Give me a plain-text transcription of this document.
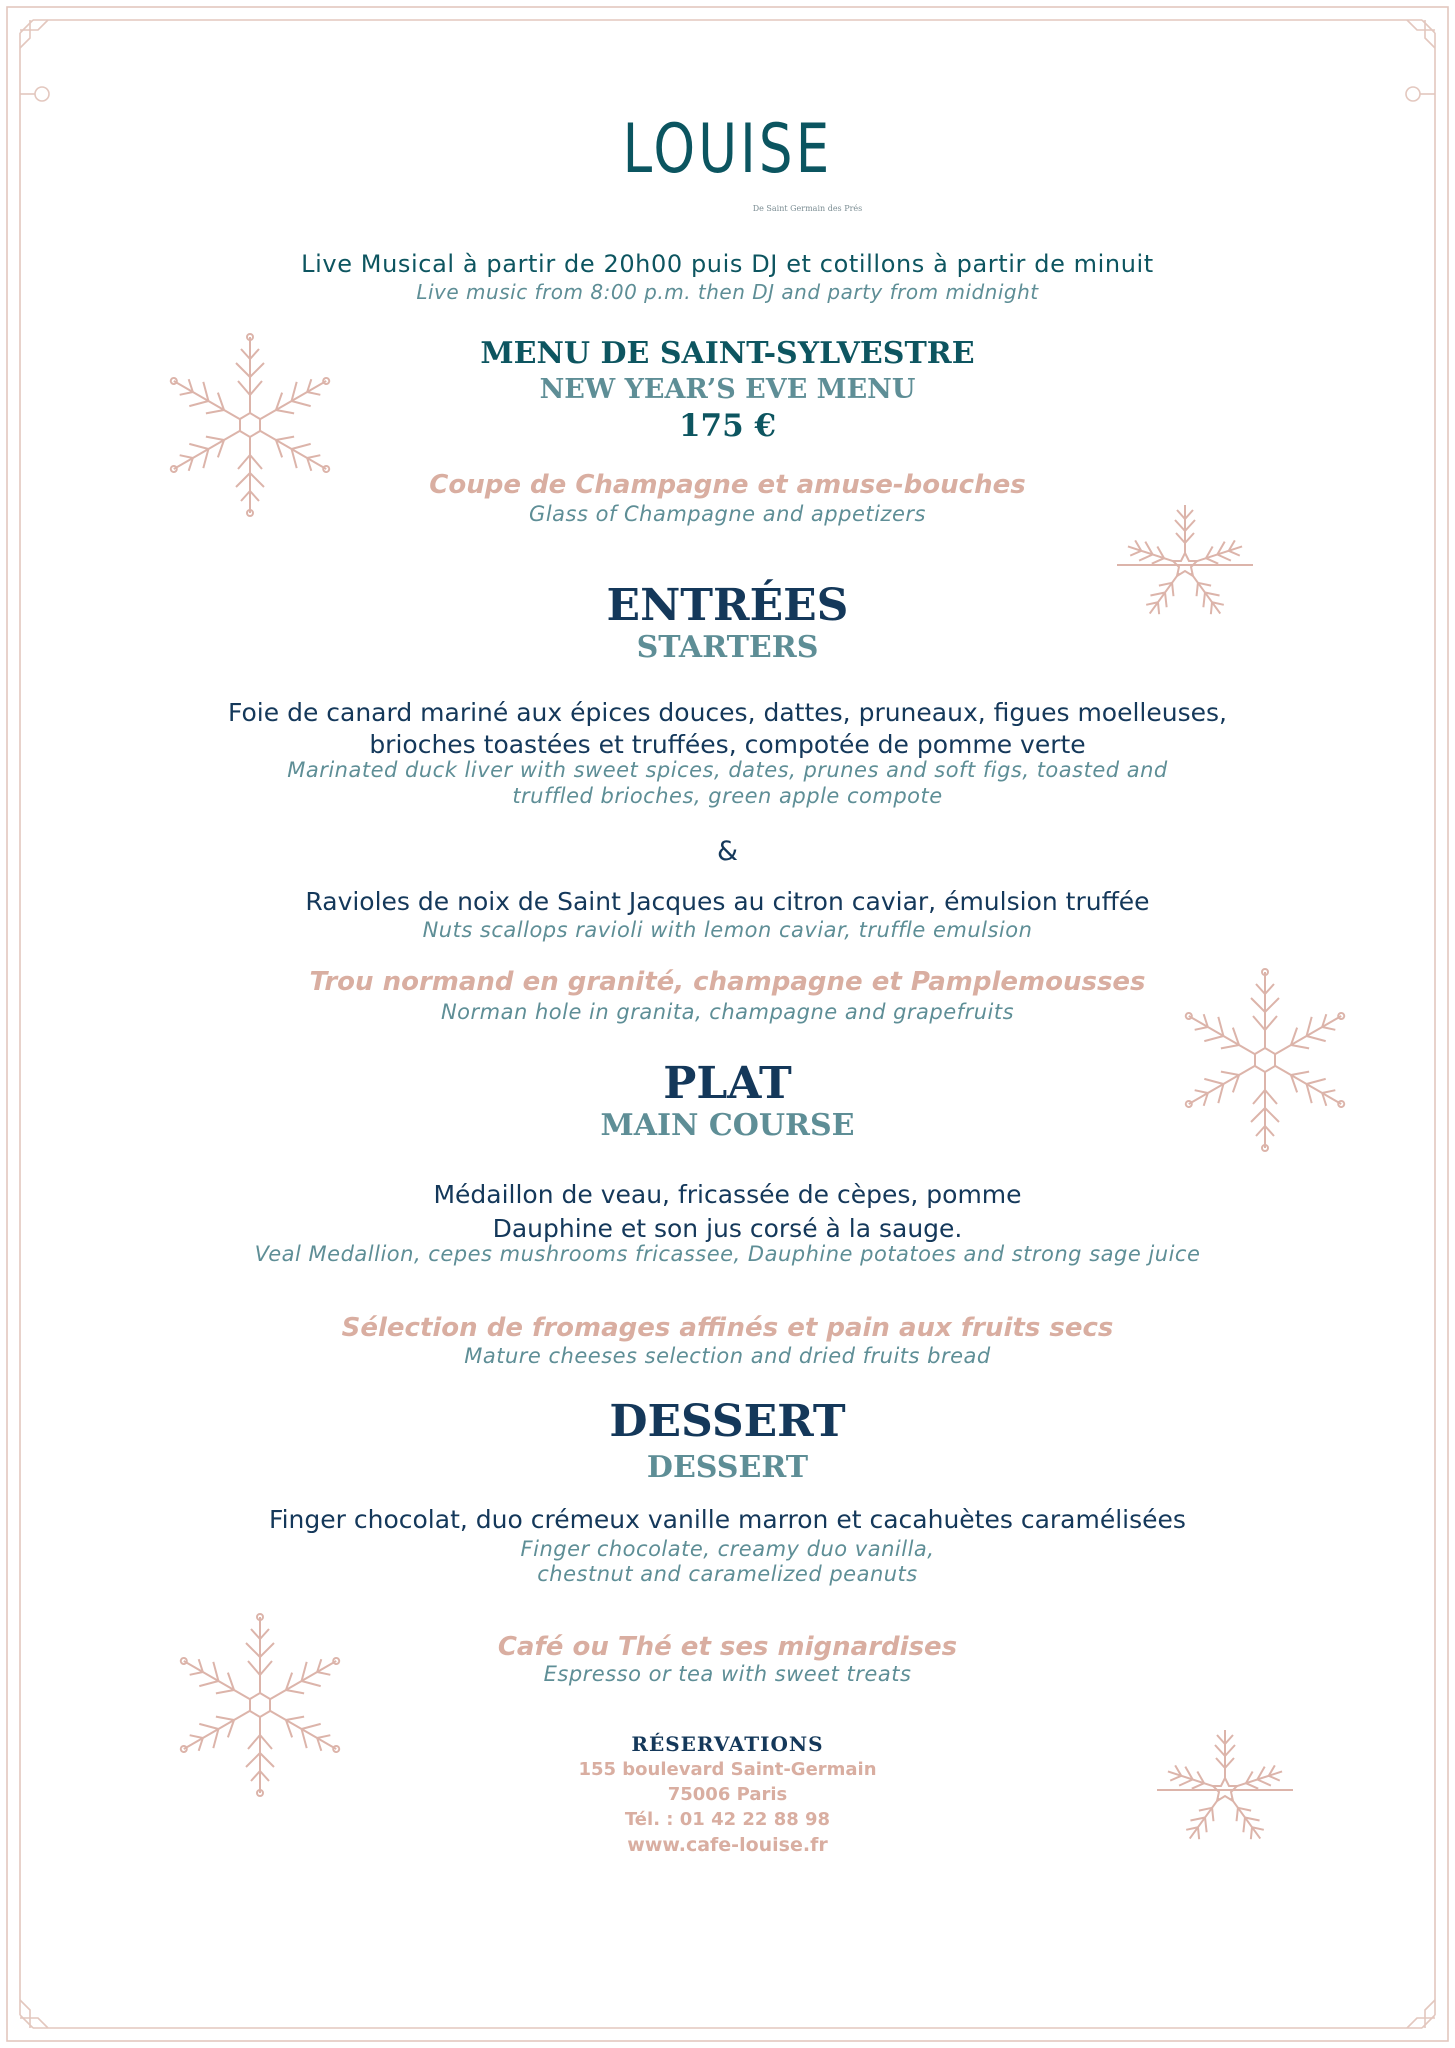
LOUISE
De Saint Germain des Prés
Live Musical à partir de 20h00 puis DJ et cotillons à partir de minuit
Live music from 8:00 p.m. then DJ and party from midnight
MENU DE SAINT-SYLVESTRE
NEW YEAR’S EVE MENU
175 €
Coupe de Champagne et amuse-bouches
Glass of Champagne and appetizers
ENTRÉES
STARTERS
Foie de canard mariné aux épices douces, dattes, pruneaux, figues moelleuses,
brioches toastées et truffées, compotée de pomme verte
Marinated duck liver with sweet spices, dates, prunes and soft figs, toasted and
truffled brioches, green apple compote
&
Ravioles de noix de Saint Jacques au citron caviar, émulsion truffée
Nuts scallops ravioli with lemon caviar, truffle emulsion
Trou normand en granité, champagne et Pamplemousses
Norman hole in granita, champagne and grapefruits
PLAT
MAIN COURSE
Médaillon de veau, fricassée de cèpes, pomme
Dauphine et son jus corsé à la sauge.
Veal Medallion, cepes mushrooms fricassee, Dauphine potatoes and strong sage juice
Sélection de fromages affinés et pain aux fruits secs
Mature cheeses selection and dried fruits bread
DESSERT
DESSERT
Finger chocolat, duo crémeux vanille marron et cacahuètes caramélisées
Finger chocolate, creamy duo vanilla,
chestnut and caramelized peanuts
Café ou Thé et ses mignardises
Espresso or tea with sweet treats
RÉSERVATIONS
155 boulevard Saint-Germain
75006 Paris
Tél. : 01 42 22 88 98
www.cafe-louise.fr
